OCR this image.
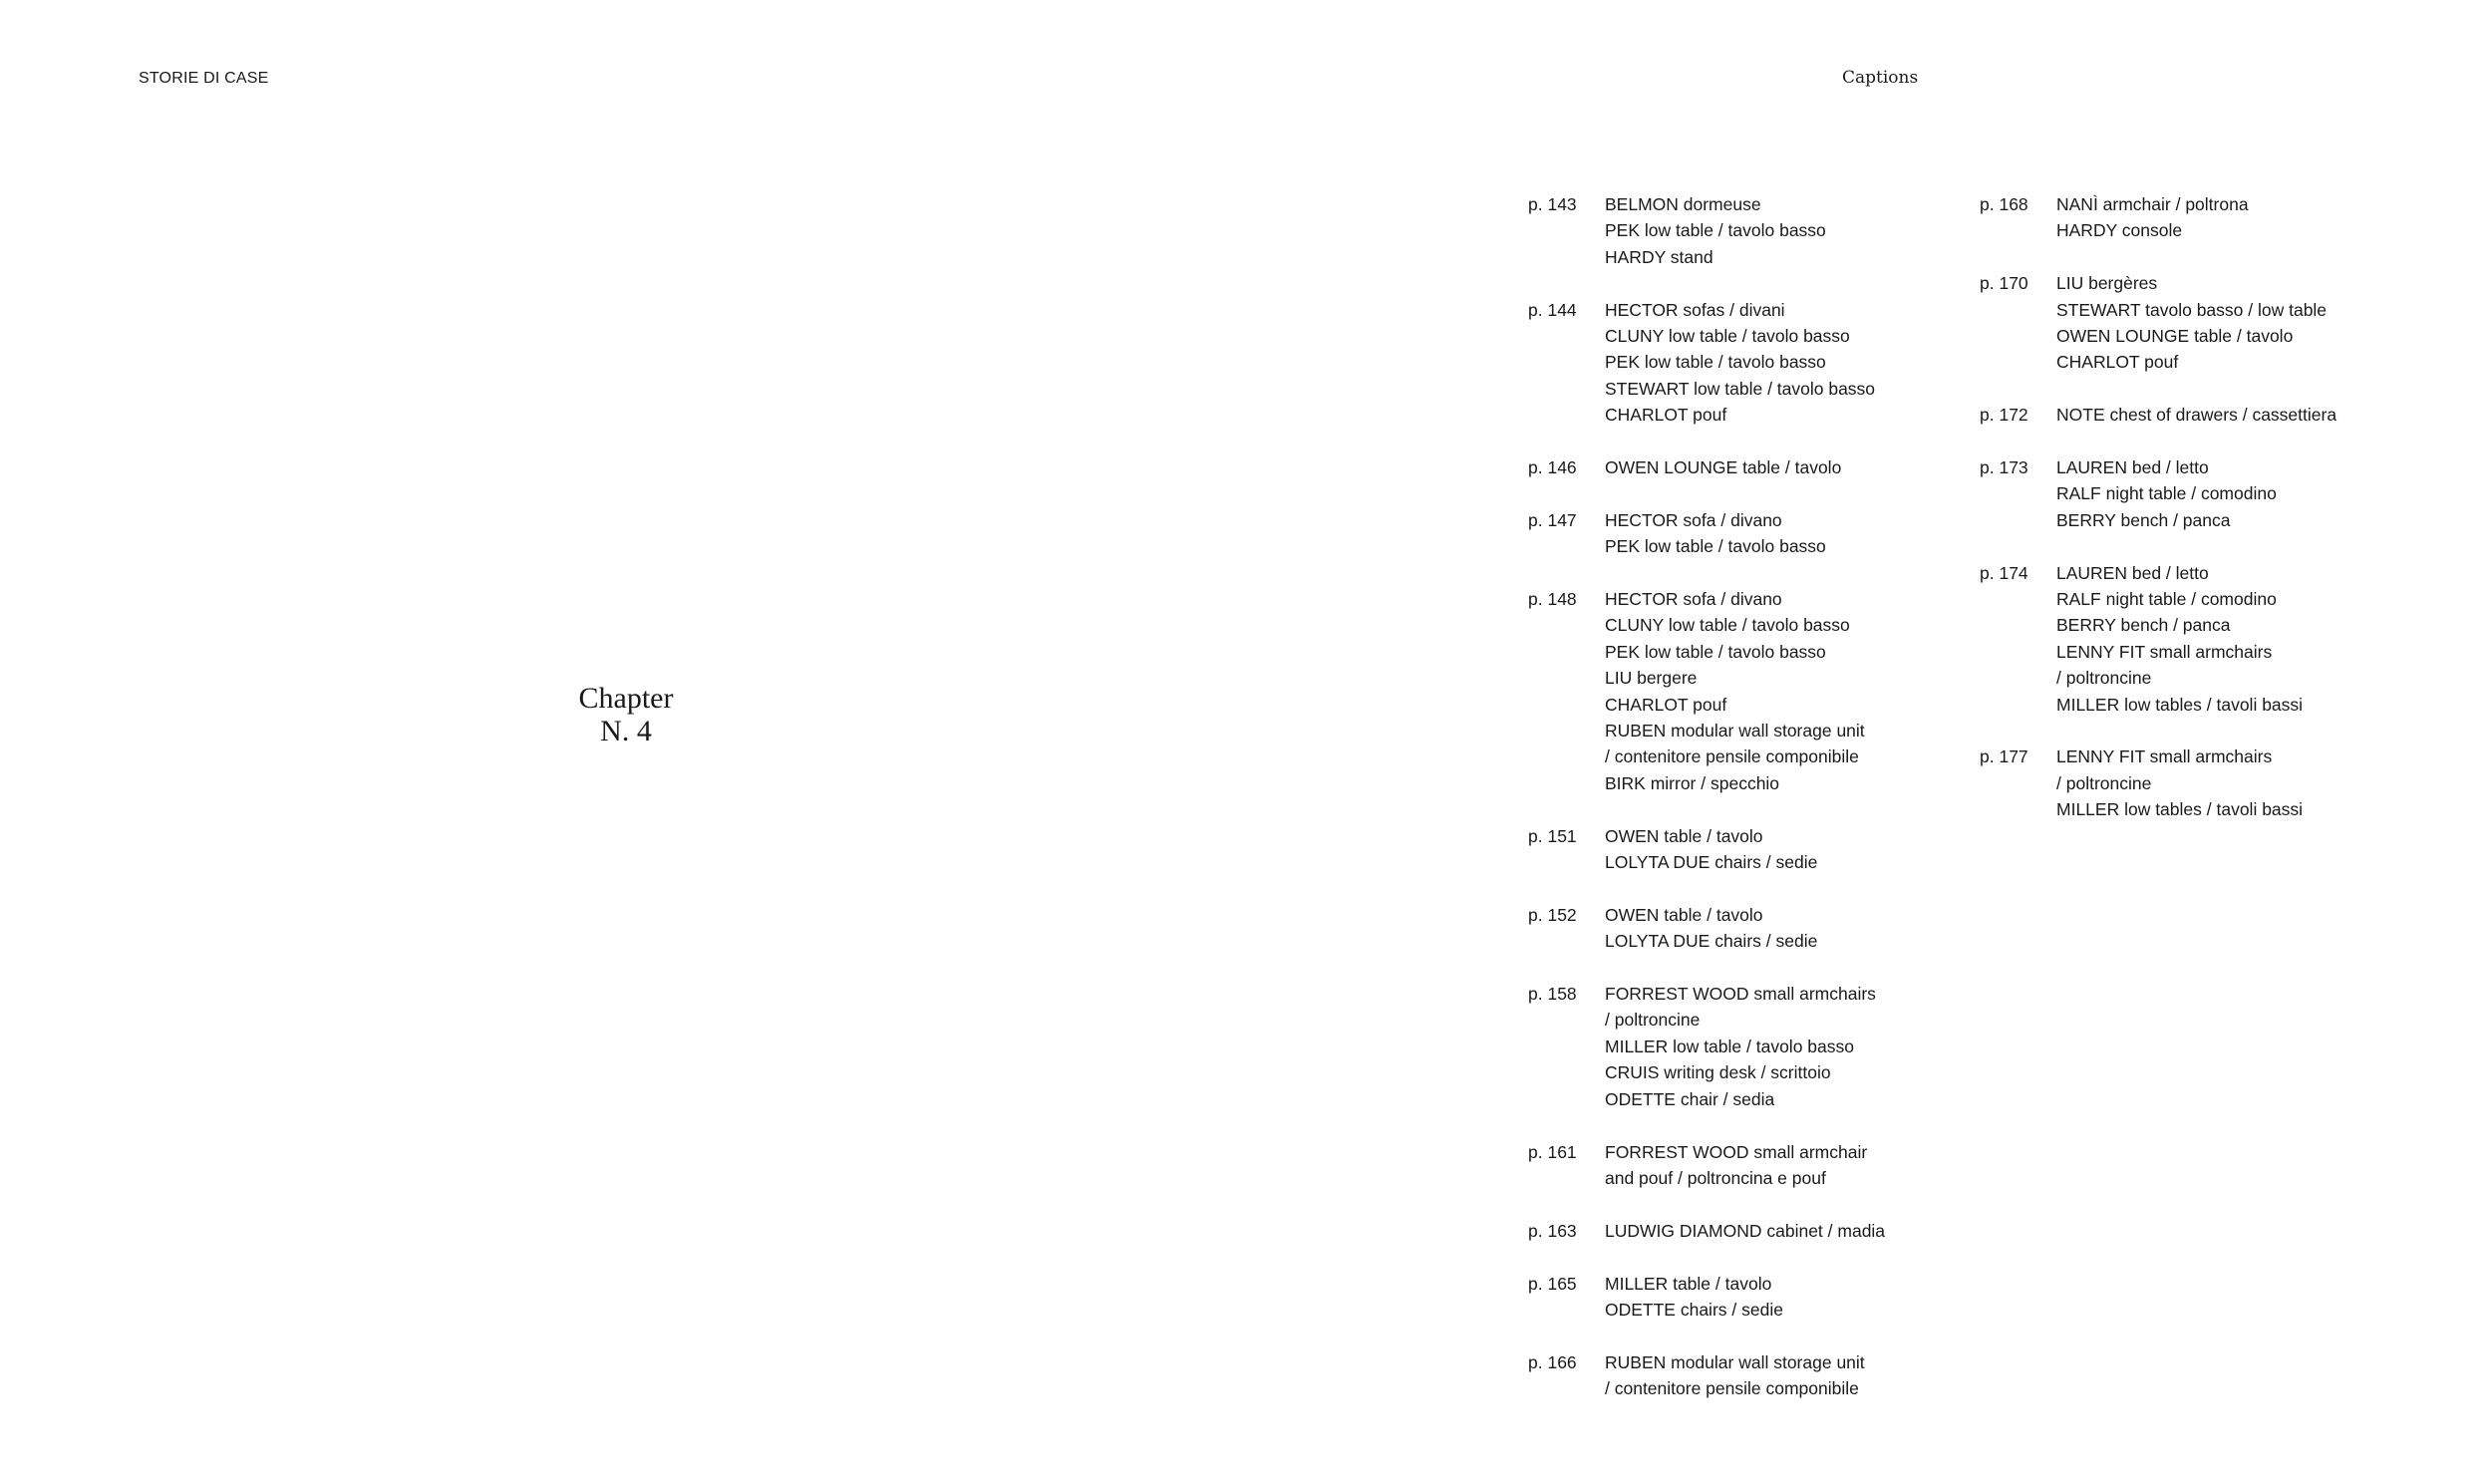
STORIE DI CASE	Captions
Chapter
N. 4
p. 143	BELMON dormeuse
PEK low table / tavolo basso
HARDY stand
p. 144	HECTOR sofas / divani
CLUNY low table / tavolo basso
PEK low table / tavolo basso
STEWART low table / tavolo basso
CHARLOT pouf
p. 146	OWEN LOUNGE table / tavolo
p. 147	HECTOR sofa / divano
PEK low table / tavolo basso
p. 148	HECTOR sofa / divano
CLUNY low table / tavolo basso
PEK low table / tavolo basso
LIU bergere
CHARLOT pouf
RUBEN modular wall storage unit
/ contenitore pensile componibile
BIRK mirror / specchio
p. 151	OWEN table / tavolo
LOLYTA DUE chairs / sedie
p. 152	OWEN table / tavolo
LOLYTA DUE chairs / sedie
p. 158	FORREST WOOD small armchairs
/ poltroncine
MILLER low table / tavolo basso
CRUIS writing desk / scrittoio
ODETTE chair / sedia
p. 161	FORREST WOOD small armchair
and pouf / poltroncina e pouf
p. 163	LUDWIG DIAMOND cabinet / madia
p. 165	MILLER table / tavolo
ODETTE chairs / sedie
p. 166	RUBEN modular wall storage unit
/ contenitore pensile componibile
p. 168	NANÌ armchair / poltrona
HARDY console
p. 170	LIU bergères
STEWART tavolo basso / low table
OWEN LOUNGE table / tavolo
CHARLOT pouf
p. 172	NOTE chest of drawers / cassettiera
p. 173	LAUREN bed / letto
RALF night table / comodino
BERRY bench / panca
p. 174	LAUREN bed / letto
RALF night table / comodino
BERRY bench / panca
LENNY FIT small armchairs
/ poltroncine
MILLER low tables / tavoli bassi
p. 177	LENNY FIT small armchairs
/ poltroncine
MILLER low tables / tavoli bassi
